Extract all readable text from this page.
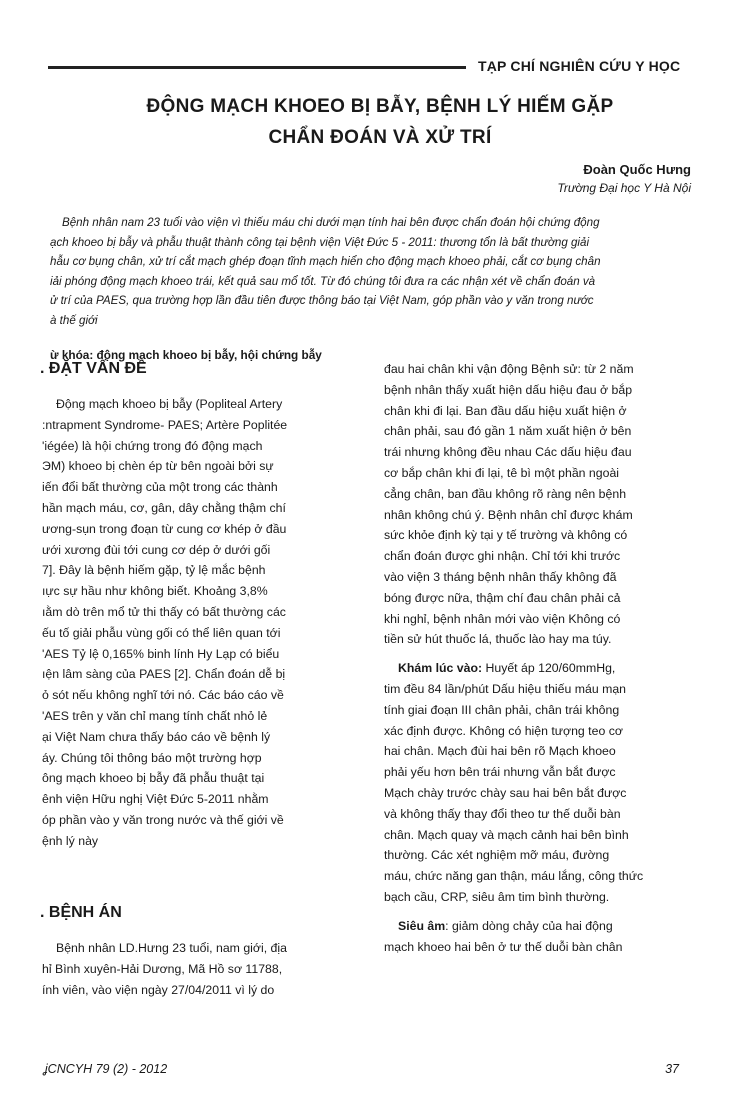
TẠP CHÍ NGHIÊN CỨU Y HỌC
ĐỘNG MẠCH KHOEO BỊ BẪY, BỆNH LÝ HIẾM GẶP
CHẨN ĐOÁN VÀ XỬ TRÍ
Đoàn Quốc Hưng
Trường Đại học Y Hà Nội

Bệnh nhân nam 23 tuổi vào viện vì thiếu máu chi dưới mạn tính hai bên được chẩn đoán hội chứng động

ạch khoeo bị bẫy và phẫu thuật thành công tại bệnh viện Việt Đức 5 - 2011: thương tổn là bất thường giải

hẫu cơ bụng chân, xử trí cắt mạch ghép đoạn tĩnh mạch hiển cho động mạch khoeo phải, cắt cơ bụng chân

iải phóng động mạch khoeo trái, kết quả sau mổ tốt. Từ đó chúng tôi đưa ra các nhận xét về chẩn đoán và

ử trí của PAES, qua trường hợp lần đầu tiên được thông báo tại Việt Nam, góp phần vào y văn trong nước

à thế giới

ừ khóa: động mạch khoeo bị bẫy, hội chứng bẫy
. ĐẶT VẤN ĐỀ

Động mạch khoeo bị bẫy (Popliteal Artery

:ntrapment Syndrome- PAES; Artère Poplitée

'iégée) là hội chứng trong đó động mạch

ЭМ) khoeo bị chèn ép từ bên ngoài bởi sự

iến đổi bất thường của một trong các thành

hần mạch máu, cơ, gân, dây chằng thậm chí

ương-sụn trong đoạn từ cung cơ khép ở đầu

ưới xương đùi tới cung cơ dép ở dưới gối

7]. Đây là bệnh hiếm gặp, tỷ lệ mắc bệnh

ıực sự hầu như không biết. Khoảng 3,8%

ıằm dò trên mổ tử thi thấy có bất thường các

ếu tố giải phẫu vùng gối có thể liên quan tới

'AES Tỷ lệ 0,165% binh lính Hy Lạp có biểu

ıện lâm sàng của PAES [2]. Chẩn đoán dễ bị

ỏ sót nếu không nghĩ tới nó. Các báo cáo về

'AES trên y văn chỉ mang tính chất nhỏ lẻ

ại Việt Nam chưa thấy báo cáo về bệnh lý

áy. Chúng tôi thông báo một trường hợp

ông mạch khoeo bị bẫy đã phẫu thuật tại

ênh viện Hữu nghị Việt Đức 5-2011 nhằm

óp phần vào y văn trong nước và thế giới về

ệnh lý này

. BỆNH ÁN

Bệnh nhân LD.Hưng 23 tuổi, nam giới, địa

hỉ Bình xuyên-Hải Dương, Mã Hồ sơ 11788,

ính viên, vào viện ngày 27/04/2011 vì lý do

đau hai chân khi vận động Bệnh sử: từ 2 năm

bệnh nhân thấy xuất hiện dấu hiệu đau ở bắp

chân khi đi lại. Ban đầu dấu hiệu xuất hiện ở

chân phải, sau đó gần 1 năm xuất hiện ở bên

trái nhưng không đều nhau Các dấu hiệu đau

cơ bắp chân khi đi lại, tê bì một phần ngoài

cẳng chân, ban đầu không rõ ràng nên bệnh

nhân không chú ý. Bệnh nhân chỉ được khám

sức khỏe định kỳ tại y tế trường và không có

chẩn đoán được ghi nhận. Chỉ tới khi trước

vào viện 3 tháng bệnh nhân thấy không đã

bóng được nữa, thậm chí đau chân phải cả

khi nghỉ, bệnh nhân mới vào viện Không có

tiền sử hút thuốc lá, thuốc lào hay ma túy.

Khám lúc vào: Huyết áp 120/60mmHg,

tim đều 84 lần/phút Dấu hiệu thiếu máu mạn

tính giai đoạn III chân phải, chân trái không

xác định được. Không có hiện tượng teo cơ

hai chân. Mạch đùi hai bên rõ Mạch khoeo

phải yếu hơn bên trái nhưng vẫn bắt được

Mạch chày trước chày sau hai bên bắt được

và không thấy thay đổi theo tư thế duỗi bàn

chân. Mạch quay và mạch cảnh hai bên bình

thường. Các xét nghiệm mỡ máu, đường

máu, chức năng gan thận, máu lắng, công thức

bạch cầu, CRP, siêu âm tim bình thường.

Siêu âm: giảm dòng chảy của hai động

mạch khoeo hai bên ở tư thế duỗi bàn chân

ʝCNCYH 79 (2) - 2012	37
